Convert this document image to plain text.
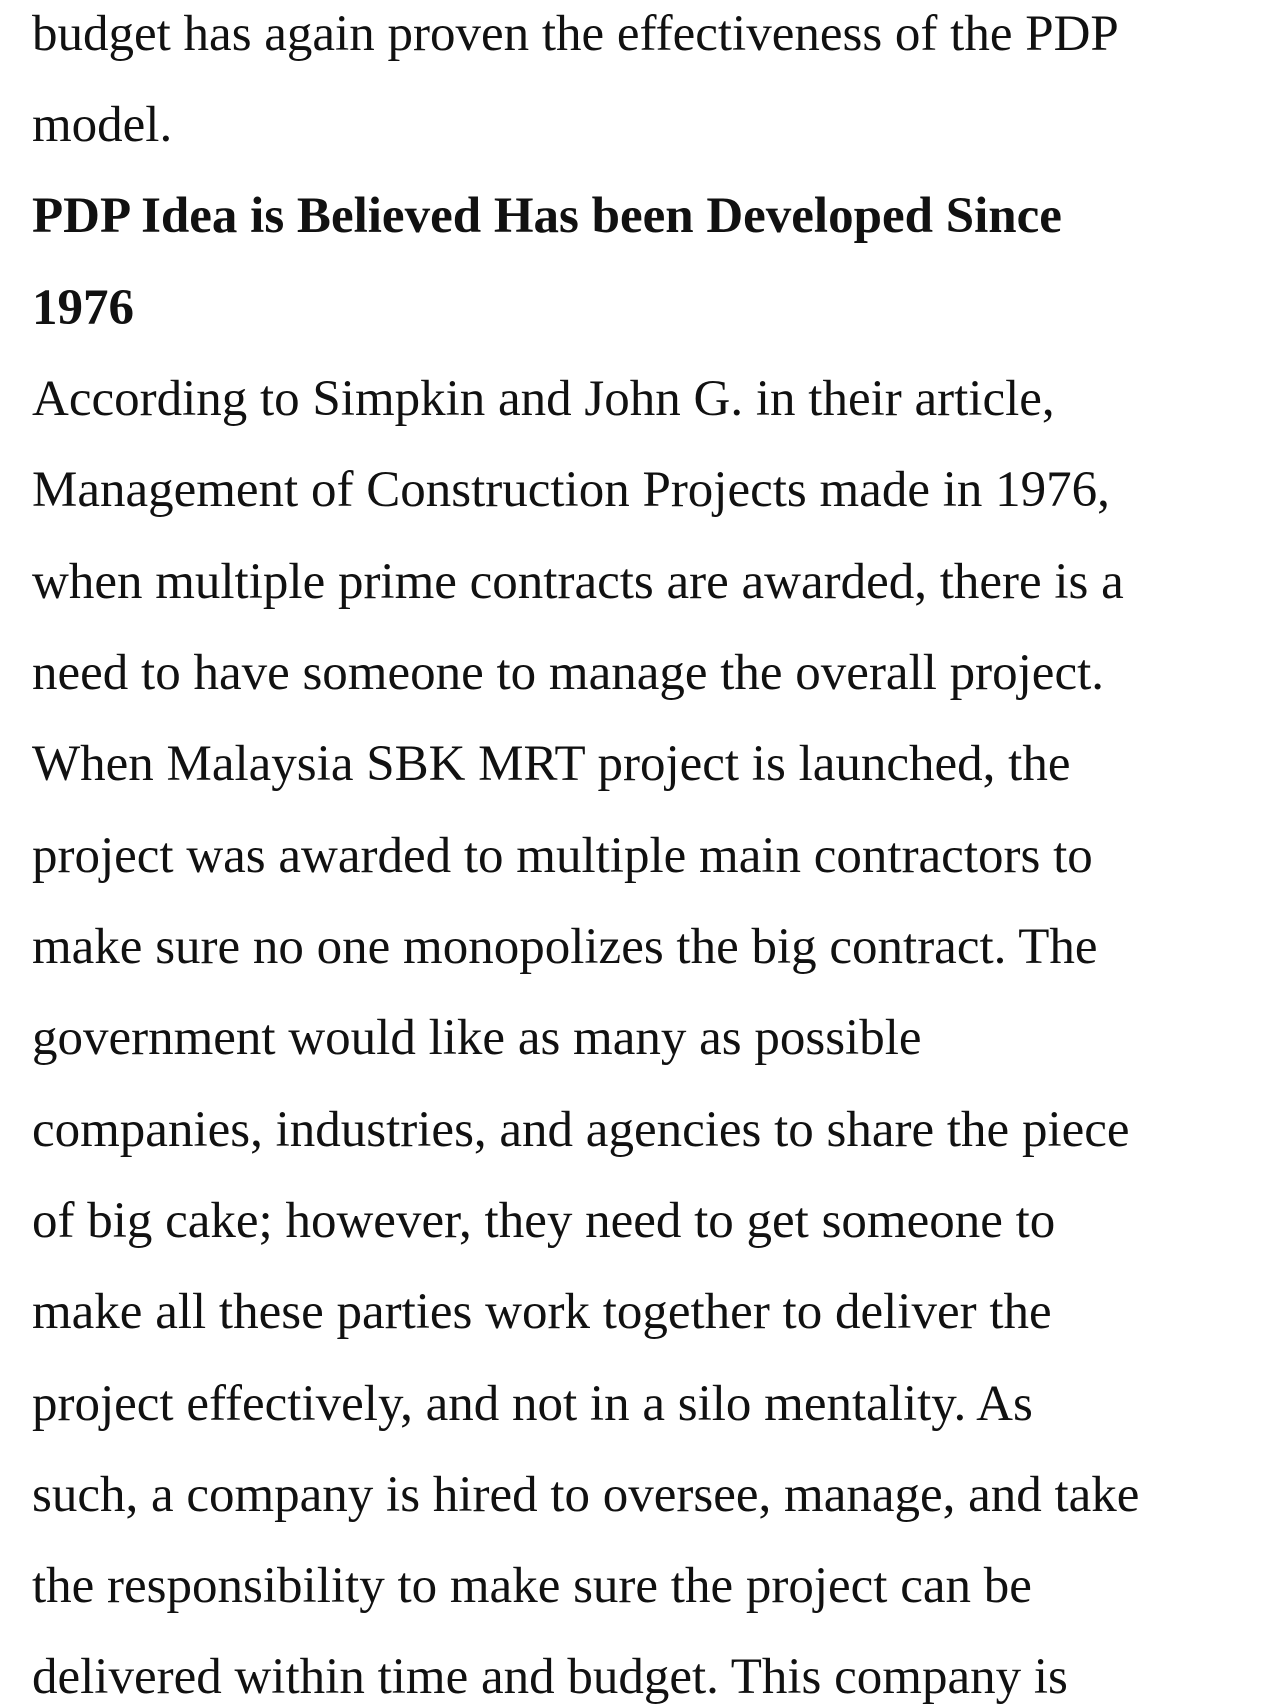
budget has again proven the effectiveness of the PDP
model.
PDP Idea is Believed Has been Developed Since
1976
According to Simpkin and John G. in their article,
Management of Construction Projects made in 1976,
when multiple prime contracts are awarded, there is a
need to have someone to manage the overall project.
When Malaysia SBK MRT project is launched, the
project was awarded to multiple main contractors to
make sure no one monopolizes the big contract. The
government would like as many as possible
companies, industries, and agencies to share the piece
of big cake; however, they need to get someone to
make all these parties work together to deliver the
project effectively, and not in a silo mentality. As
such, a company is hired to oversee, manage, and take
the responsibility to make sure the project can be
delivered within time and budget. This company is
